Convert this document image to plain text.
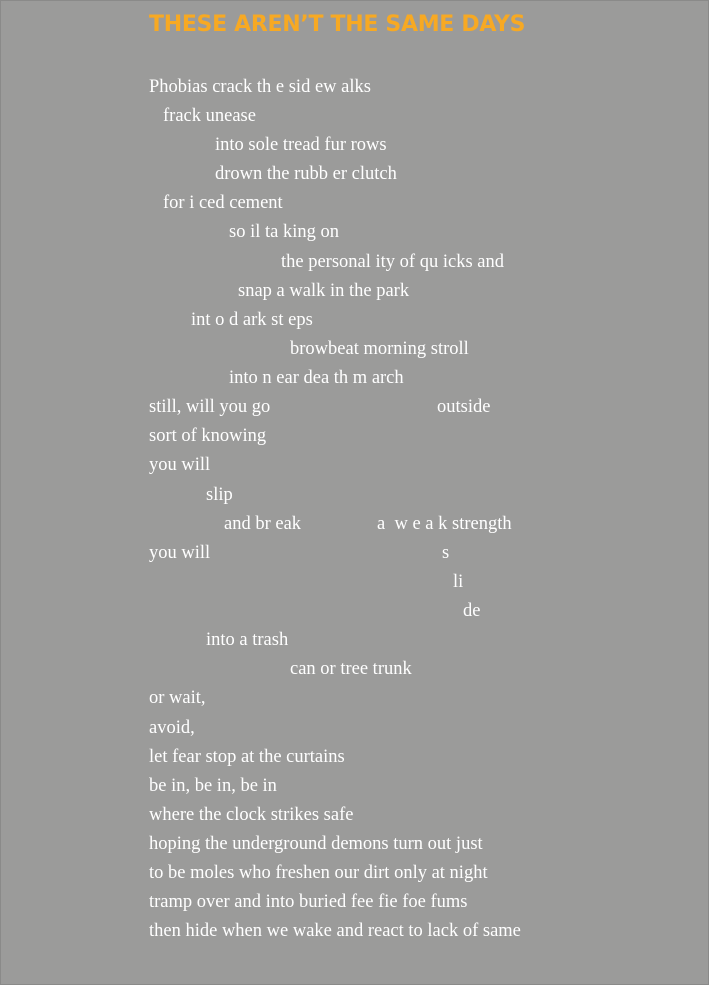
THESE AREN’T THE SAME DAYS
Phobias crack th e sid ew alks
frack unease
into sole tread fur rows
drown the rubb er clutch
for i ced cement
so il ta king on
the personal ity of qu icks and
snap a walk in the park
int o d ark st eps
browbeat morning stroll
into n ear dea th m arch
still, will you go	outside
sort of knowing
you will
slip
and br eak	a  w e a k strength
you will	s
li
de
into a trash
can or tree trunk
or wait,
avoid,
let fear stop at the curtains
be in, be in, be in
where the clock strikes safe
hoping the underground demons turn out just
to be moles who freshen our dirt only at night
tramp over and into buried fee fie foe fums
then hide when we wake and react to lack of same
